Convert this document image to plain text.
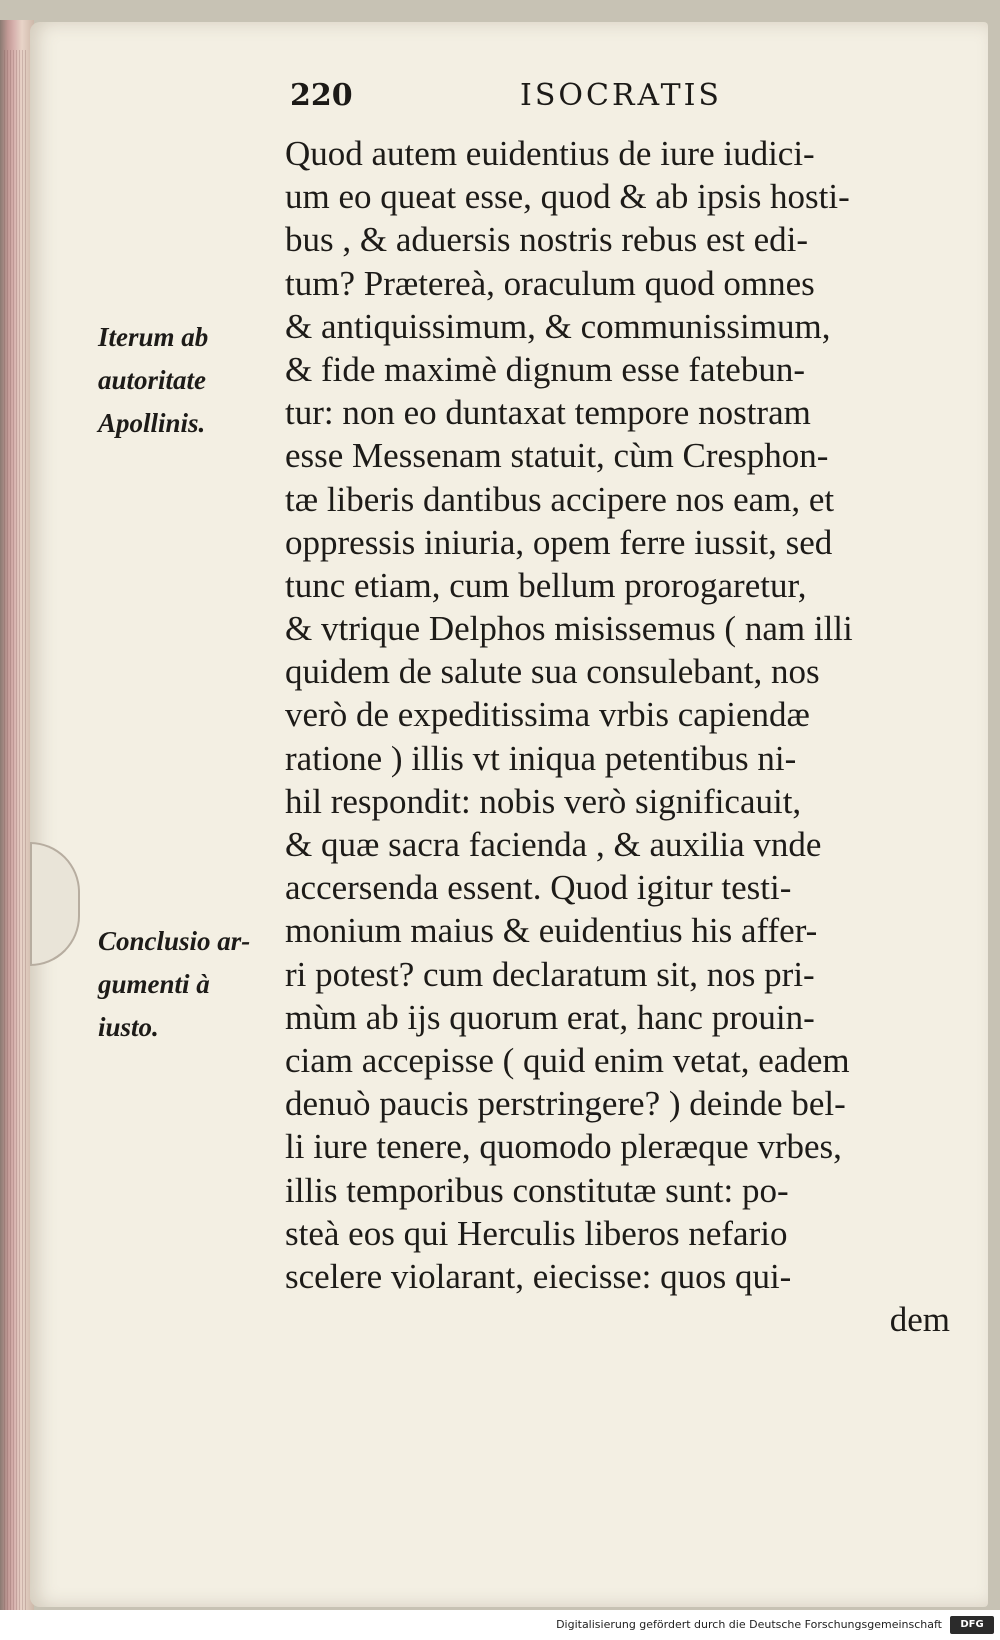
220	ISOCRATIS
Iterum ab
autoritate
Apollinis.
Conclusio ar-
gumenti à
iusto.
Quod autem euidentius de iure iudici-
um eo queat esse, quod & ab ipsis hosti-
bus , & aduersis nostris rebus est edi-
tum? Prætereà, oraculum quod omnes
& antiquissimum, & communissimum,
& fide maximè dignum esse fatebun-
tur: non eo duntaxat tempore nostram
esse Messenam statuit, cùm Cresphon-
tæ liberis dantibus accipere nos eam, et
oppressis iniuria, opem ferre iussit, sed
tunc etiam, cum bellum prorogaretur,
& vtrique Delphos misissemus ( nam illi
quidem de salute sua consulebant, nos
verò de expeditissima vrbis capiendæ
ratione ) illis vt iniqua petentibus ni-
hil respondit: nobis verò significauit,
& quæ sacra facienda , & auxilia vnde
accersenda essent. Quod igitur testi-
monium maius & euidentius his affer-
ri potest? cum declaratum sit, nos pri-
mùm ab ijs quorum erat, hanc prouin-
ciam accepisse ( quid enim vetat, eadem
denuò paucis perstringere? ) deinde bel-
li iure tenere, quomodo pleræque vrbes,
illis temporibus constitutæ sunt: po-
steà eos qui Herculis liberos nefario
scelere violarant, eiecisse: quos qui-
dem
Digitalisierung gefördert durch die Deutsche Forschungsgemeinschaft	DFG
